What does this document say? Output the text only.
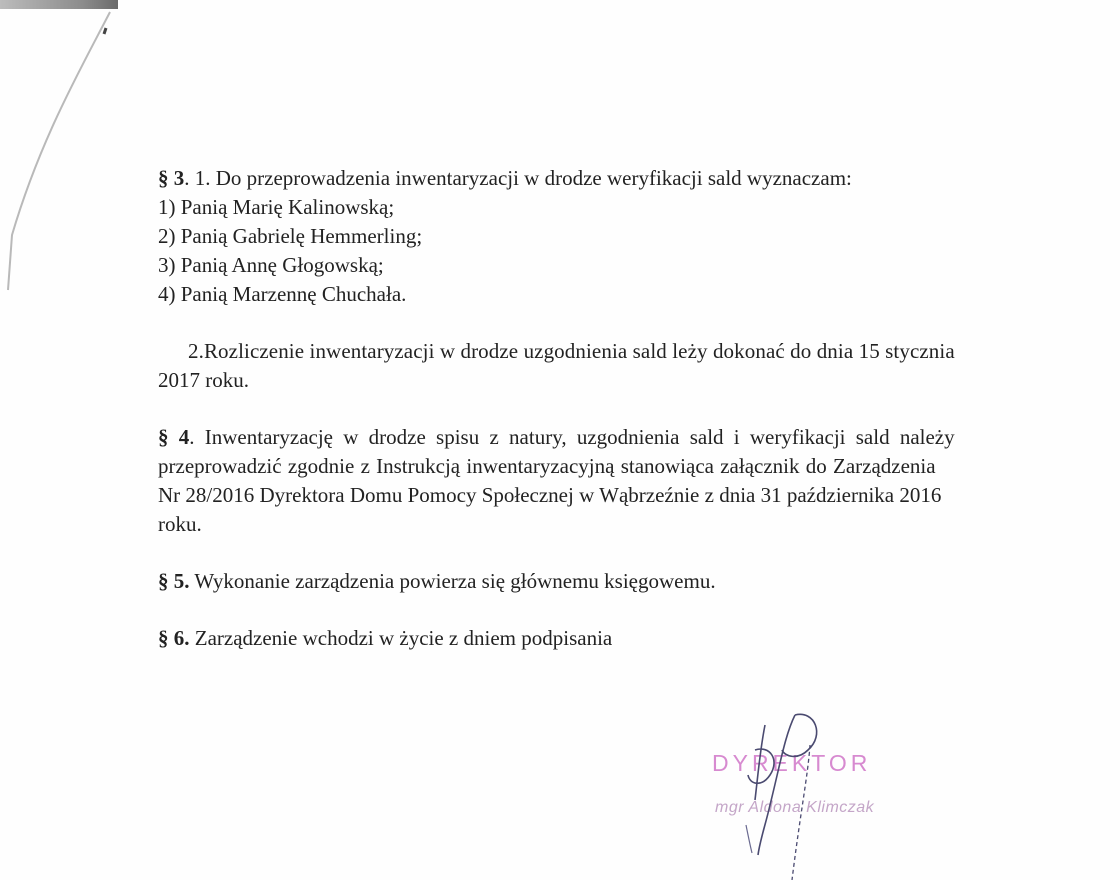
§ 3. 1. Do przeprowadzenia inwentaryzacji w drodze weryfikacji sald wyznaczam:
1) Panią Marię Kalinowską;
2) Panią Gabrielę Hemmerling;
3) Panią Annę Głogowską;
4) Panią Marzennę Chuchała.

2.Rozliczenie inwentaryzacji w drodze uzgodnienia sald leży dokonać do dnia 15 stycznia
2017 roku.

§ 4. Inwentaryzację w drodze spisu z natury, uzgodnienia sald i weryfikacji sald należy
przeprowadzić zgodnie z Instrukcją inwentaryzacyjną stanowiąca załącznik do Zarządzenia
Nr 28/2016 Dyrektora Domu Pomocy Społecznej w Wąbrzeźnie z dnia 31 października 2016
roku.

§ 5. Wykonanie zarządzenia powierza się głównemu księgowemu.

§ 6. Zarządzenie wchodzi w życie z dniem podpisania

DYREKTOR
mgr Aldona Klimczak
